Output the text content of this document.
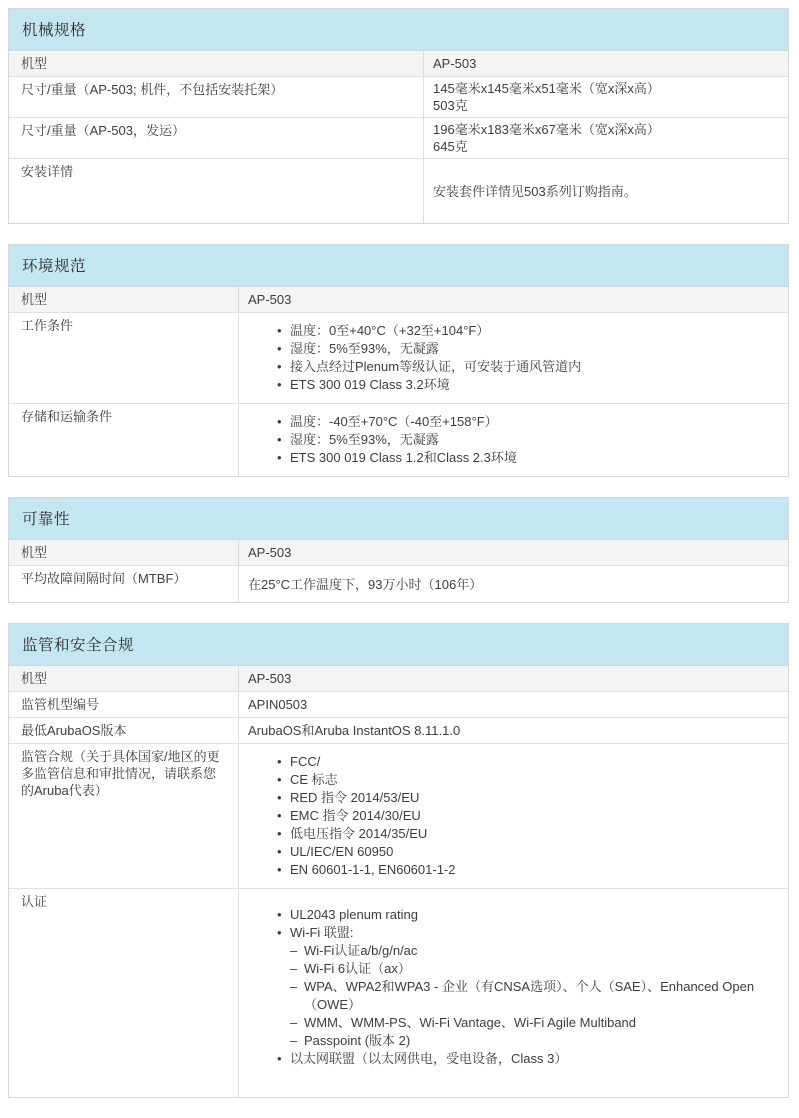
机械规格
机型	AP-503

尺寸/重量（AP-503; 机件，不包括安装托架）	145毫米x145毫米x51毫米（宽x深x高）
503克

尺寸/重量（AP-503，发运）	196毫米x183毫米x67毫米（宽x深x高）
645克

安装详情	安装套件详情见503系列订购指南。
环境规范
机型	AP-503

工作条件	• 温度：0至+40°C（+32至+104°F）
• 湿度：5%至93%，无凝露
• 接入点经过Plenum等级认证，可安装于通风管道内
• ETS 300 019 Class 3.2环境

存储和运输条件	• 温度：-40至+70°C（-40至+158°F）
• 湿度：5%至93%，无凝露
• ETS 300 019 Class 1.2和Class 2.3环境
可靠性
机型	AP-503

平均故障间隔时间（MTBF）	在25°C工作温度下，93万小时（106年）
监管和安全合规
机型	AP-503

监管机型编号	APIN0503

最低ArubaOS版本	ArubaOS和Aruba InstantOS 8.11.1.0

监管合规（关于具体国家/地区的更多监管信息和审批情况，请联系您的Aruba代表）	
• FCC/
• CE 标志
• RED 指令 2014/53/EU
• EMC 指令 2014/30/EU
• 低电压指令 2014/35/EU
• UL/IEC/EN 60950
• EN 60601-1-1, EN60601-1-2

认证	
• UL2043 plenum rating
• Wi-Fi 联盟:
– Wi-Fi认证a/b/g/n/ac
– Wi-Fi 6认证（ax）
– WPA、WPA2和WPA3 - 企业（有CNSA选项）、个人（SAE）、Enhanced Open（OWE）
– WMM、WMM-PS、Wi-Fi Vantage、Wi-Fi Agile Multiband
– Passpoint (版本 2)
• 以太网联盟（以太网供电，受电设备，Class 3）
